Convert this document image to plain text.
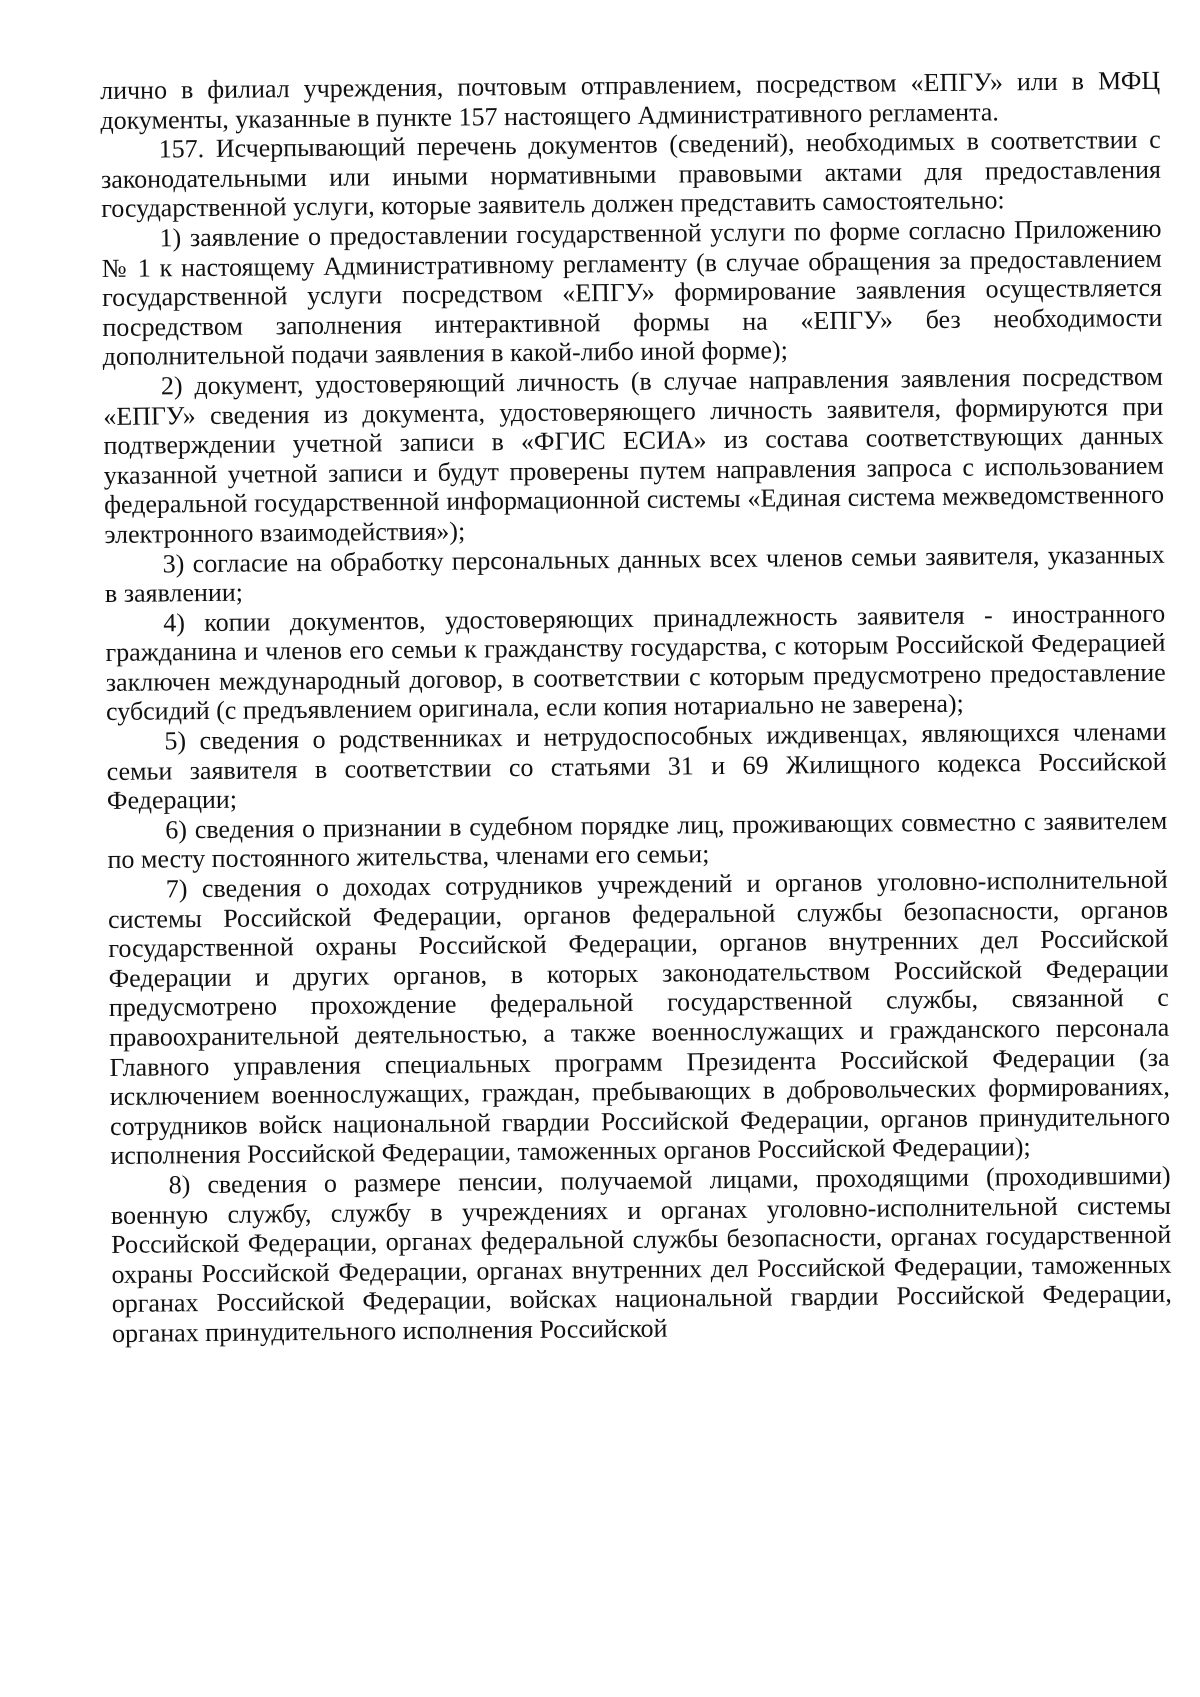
лично в филиал учреждения, почтовым отправлением, посредством «ЕПГУ» или в МФЦ документы, указанные в пункте 157 настоящего Административного регламента.

157. Исчерпывающий перечень документов (сведений), необходимых в соответствии с законодательными или иными нормативными правовыми актами для предоставления государственной услуги, которые заявитель должен представить самостоятельно:

1) заявление о предоставлении государственной услуги по форме согласно Приложению № 1 к настоящему Административному регламенту (в случае обращения за предоставлением государственной услуги посредством «ЕПГУ» формирование заявления осуществляется посредством заполнения интерактивной формы на «ЕПГУ» без необходимости дополнительной подачи заявления в какой-либо иной форме);

2) документ, удостоверяющий личность (в случае направления заявления посредством «ЕПГУ» сведения из документа, удостоверяющего личность заявителя, формируются при подтверждении учетной записи в «ФГИС ЕСИА» из состава соответствующих данных указанной учетной записи и будут проверены путем направления запроса с использованием федеральной государственной информационной системы «Единая система межведомственного электронного взаимодействия»);

3) согласие на обработку персональных данных всех членов семьи заявителя, указанных в заявлении;

4) копии документов, удостоверяющих принадлежность заявителя - иностранного гражданина и членов его семьи к гражданству государства, с которым Российской Федерацией заключен международный договор, в соответствии с которым предусмотрено предоставление субсидий (с предъявлением оригинала, если копия нотариально не заверена);

5) сведения о родственниках и нетрудоспособных иждивенцах, являющихся членами семьи заявителя в соответствии со статьями 31 и 69 Жилищного кодекса Российской Федерации;

6) сведения о признании в судебном порядке лиц, проживающих совместно с заявителем по месту постоянного жительства, членами его семьи;

7) сведения о доходах сотрудников учреждений и органов уголовно-исполнительной системы Российской Федерации, органов федеральной службы безопасности, органов государственной охраны Российской Федерации, органов внутренних дел Российской Федерации и других органов, в которых законодательством Российской Федерации предусмотрено прохождение федеральной государственной службы, связанной с правоохранительной деятельностью, а также военнослужащих и гражданского персонала Главного управления специальных программ Президента Российской Федерации (за исключением военнослужащих, граждан, пребывающих в добровольческих формированиях, сотрудников войск национальной гвардии Российской Федерации, органов принудительного исполнения Российской Федерации, таможенных органов Российской Федерации);

8) сведения о размере пенсии, получаемой лицами, проходящими (проходившими) военную службу, службу в учреждениях и органах уголовно-исполнительной системы Российской Федерации, органах федеральной службы безопасности, органах государственной охраны Российской Федерации, органах внутренних дел Российской Федерации, таможенных органах Российской Федерации, войсках национальной гвардии Российской Федерации, органах принудительного исполнения Российской
